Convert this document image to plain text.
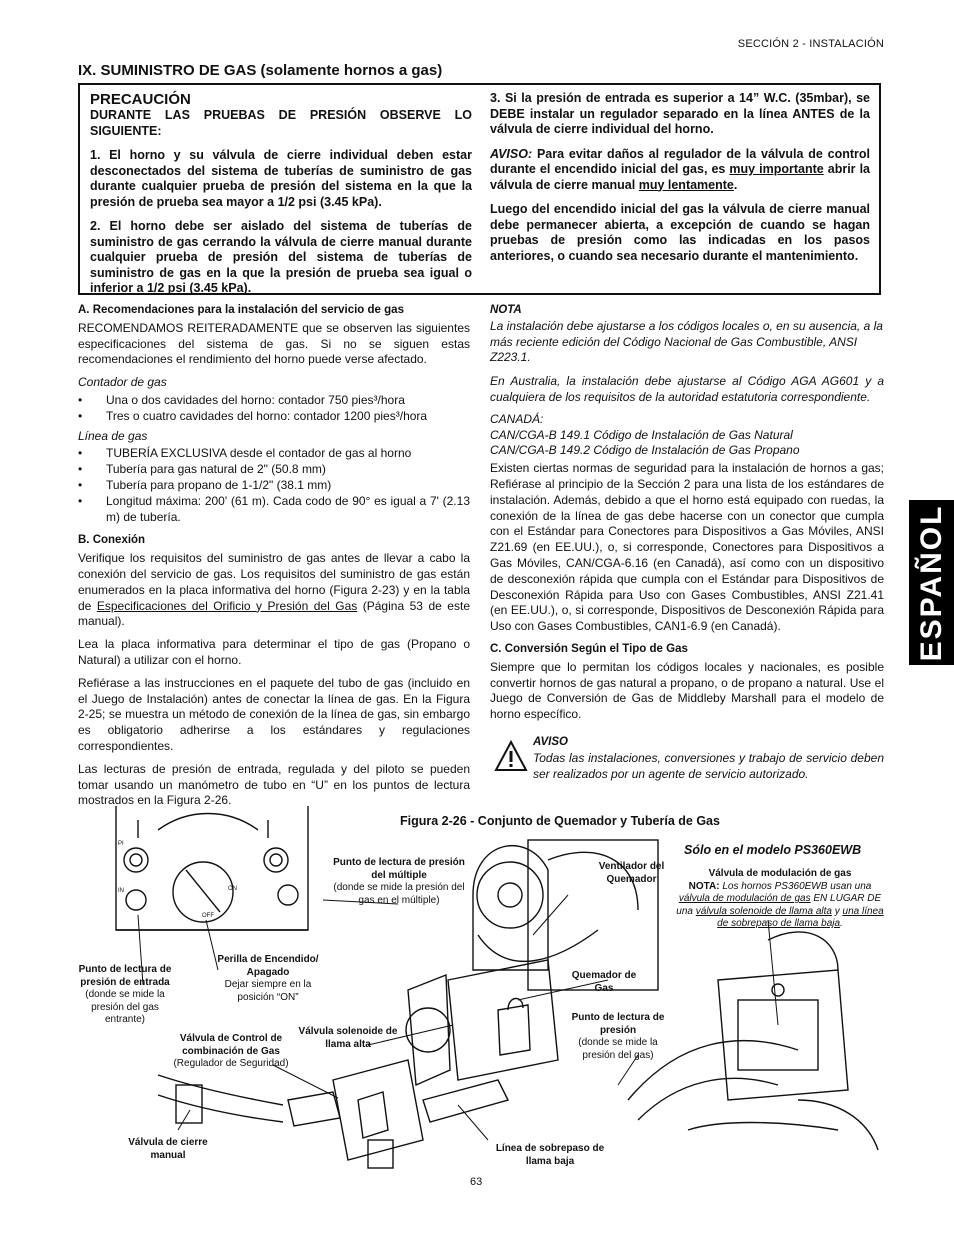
SECCIÓN 2 - INSTALACIÓN
IX. SUMINISTRO DE GAS (solamente hornos a gas)
PRECAUCIÓN

DURANTE LAS PRUEBAS DE PRESIÓN OBSERVE LO SIGUIENTE:

1. El horno y su válvula de cierre individual deben estar desconectados del sistema de tuberías de suministro de gas durante cualquier prueba de presión del sistema en la que la presión de prueba sea mayor a 1/2 psi (3.45 kPa).

2. El horno debe ser aislado del sistema de tuberías de suministro de gas cerrando la válvula de cierre manual durante cualquier prueba de presión del sistema de tuberías de suministro de gas en la que la presión de prueba sea igual o inferior a 1/2 psi (3.45 kPa).

3. Si la presión de entrada es superior a 14” W.C. (35mbar), se DEBE instalar un regulador separado en la línea ANTES de la válvula de cierre individual del horno.

AVISO: Para evitar daños al regulador de la válvula de control durante el encendido inicial del gas, es muy importante abrir la válvula de cierre manual muy lentamente.

Luego del encendido inicial del gas la válvula de cierre manual debe permanecer abierta, a excepción de cuando se hagan pruebas de presión como las indicadas en los pasos anteriores, o cuando sea necesario durante el mantenimiento.

A. Recomendaciones para la instalación del servicio de gas

RECOMENDAMOS REITERADAMENTE que se observen las siguientes especificaciones del sistema de gas. Si no se siguen estas recomendaciones el rendimiento del horno puede verse afectado.

Contador de gas

• Una o dos cavidades del horno: contador 750 pies³/hora
• Tres o cuatro cavidades del horno: contador 1200 pies³/hora

Línea de gas

• TUBERÍA EXCLUSIVA desde el contador de gas al horno
• Tubería para gas natural de 2" (50.8 mm)
• Tubería para propano de 1-1/2" (38.1 mm)
• Longitud máxima: 200' (61 m). Cada codo de 90° es igual a 7' (2.13 m) de tubería.

B. Conexión

Verifique los requisitos del suministro de gas antes de llevar a cabo la conexión del servicio de gas. Los requisitos del suministro de gas están enumerados en la placa informativa del horno (Figura 2-23) y en la tabla de Especificaciones del Orificio y Presión del Gas (Página 53 de este manual).

Lea la placa informativa para determinar el tipo de gas (Propano o Natural) a utilizar con el horno.

Refiérase a las instrucciones en el paquete del tubo de gas (incluido en el Juego de Instalación) antes de conectar la línea de gas. En la Figura 2-25; se muestra un método de conexión de la línea de gas, sin embargo es obligatorio adherirse a los estándares y regulaciones correspondientes.

Las lecturas de presión de entrada, regulada y del piloto se pueden tomar usando un manómetro de tubo en “U” en los puntos de lectura mostrados en la Figura 2-26.

NOTA

La instalación debe ajustarse a los códigos locales o, en su ausencia, a la más reciente edición del Código Nacional de Gas Combustible, ANSI Z223.1.

En Australia, la instalación debe ajustarse al Código AGA AG601 y a cualquiera de los requisitos de la autoridad estatutoria correspondiente.

CANADÁ:

CAN/CGA-B 149.1 Código de Instalación de Gas Natural

CAN/CGA-B 149.2 Código de Instalación de Gas Propano

Existen ciertas normas de seguridad para la instalación de hornos a gas; Refiérase al principio de la Sección 2 para una lista de los estándares de instalación. Además, debido a que el horno está equipado con ruedas, la conexión de la línea de gas debe hacerse con un conector que cumpla con el Estándar para Conectores para Dispositivos a Gas Móviles, ANSI Z21.69 (en EE.UU.), o, si corresponde, Conectores para Dispositivos a Gas Móviles, CAN/CGA-6.16 (en Canadá), así como con un dispositivo de desconexión rápida que cumpla con el Estándar para Dispositivos de Desconexión Rápida para Uso con Gases Combustibles, ANSI Z21.41 (en EE.UU.), o, si corresponde, Dispositivos de Desconexión Rápida para Uso con Gases Combustibles, CAN1-6.9 (en Canadá).

C. Conversión Según el Tipo de Gas

Siempre que lo permitan los códigos locales y nacionales, es posible convertir hornos de gas natural a propano, o de propano a natural. Use el Juego de Conversión de Gas de Middleby Marshall para el modelo de horno específico.

AVISO

Todas las instalaciones, conversiones y trabajo de servicio deben ser realizados por un agente de servicio autorizado.

ESPAÑOL
Figura 2-26 - Conjunto de Quemador y Tubería de Gas
Sólo en el modelo PS360EWB
PI
IN	ON
OFF
Punto de lectura de presión del múltiple
(donde se mide la presión del gas en el múltiple)
Ventilador del Quemador	Válvula de modulación de gas
NOTA: Los hornos PS360EWB usan una válvula de modulación de gas EN LUGAR DE una válvula solenoide de llama alta y una línea de sobrepaso de llama baja.
Perilla de Encendido/ Apagado
Dejar siempre en la posición “ON”
Punto de lectura de presión de entrada
(donde se mide la presión del gas entrante)
Quemador de Gas
Punto de lectura de presión
(donde se mide la presión del gas)
Válvula de Control de combinación de Gas
(Regulador de Seguridad)
Válvula solenoide de llama alta
Válvula de cierre manual
Línea de sobrepaso de llama baja
63
